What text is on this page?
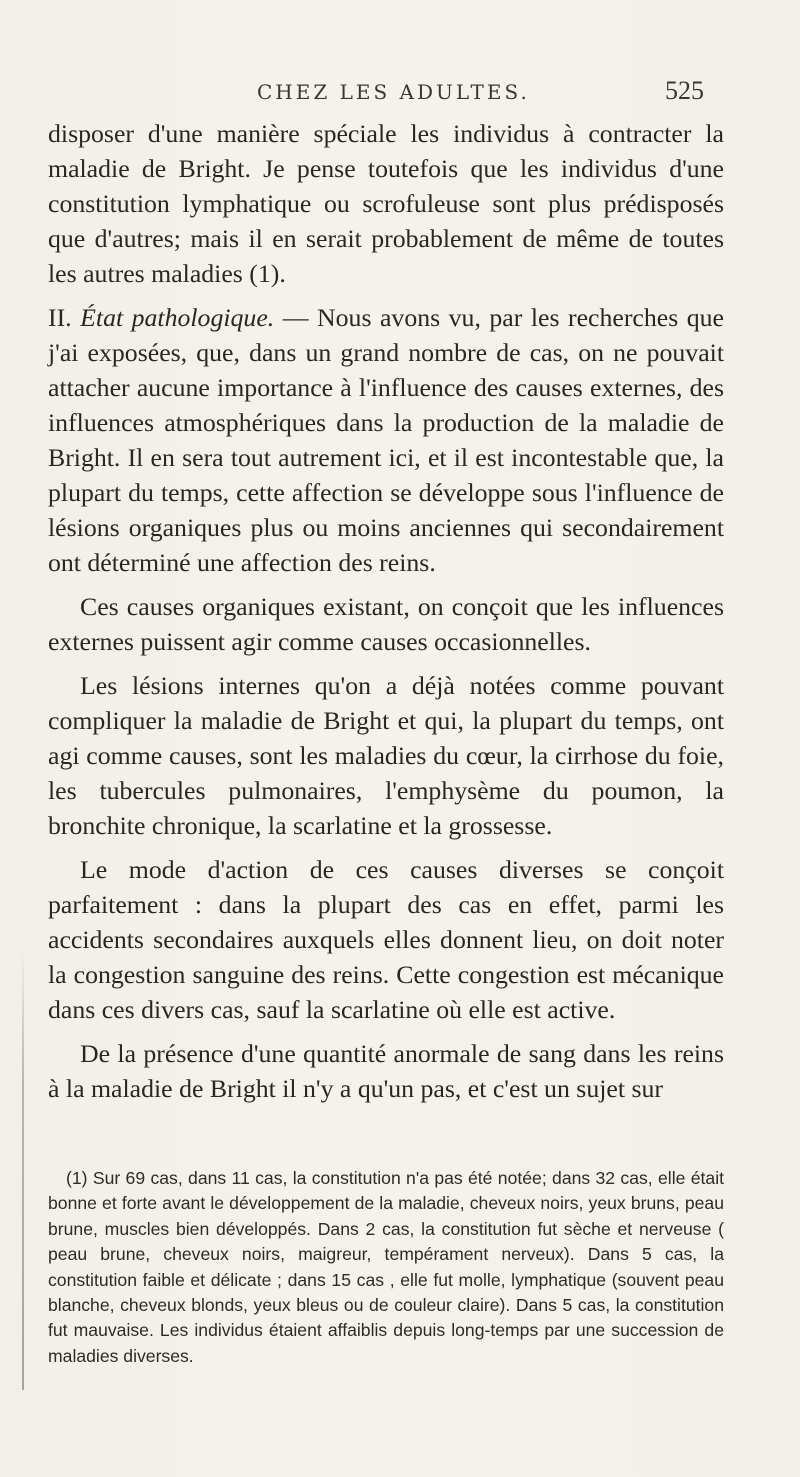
CHEZ LES ADULTES.	525

disposer d'une manière spéciale les individus à contracter la maladie de Bright. Je pense toutefois que les individus d'une constitution lymphatique ou scrofuleuse sont plus prédisposés que d'autres; mais il en serait probablement de même de toutes les autres maladies (1).

II. État pathologique. — Nous avons vu, par les recherches que j'ai exposées, que, dans un grand nombre de cas, on ne pouvait attacher aucune importance à l'influence des causes externes, des influences atmosphériques dans la production de la maladie de Bright. Il en sera tout autrement ici, et il est incontestable que, la plupart du temps, cette affection se développe sous l'influence de lésions organiques plus ou moins anciennes qui secondairement ont déterminé une affection des reins.

Ces causes organiques existant, on conçoit que les influences externes puissent agir comme causes occasionnelles.

Les lésions internes qu'on a déjà notées comme pouvant compliquer la maladie de Bright et qui, la plupart du temps, ont agi comme causes, sont les maladies du cœur, la cirrhose du foie, les tubercules pulmonaires, l'emphysème du poumon, la bronchite chronique, la scarlatine et la grossesse.

Le mode d'action de ces causes diverses se conçoit parfaitement : dans la plupart des cas en effet, parmi les accidents secondaires auxquels elles donnent lieu, on doit noter la congestion sanguine des reins. Cette congestion est mécanique dans ces divers cas, sauf la scarlatine où elle est active.

De la présence d'une quantité anormale de sang dans les reins à la maladie de Bright il n'y a qu'un pas, et c'est un sujet sur

(1) Sur 69 cas, dans 11 cas, la constitution n'a pas été notée; dans 32 cas, elle était bonne et forte avant le développement de la maladie, cheveux noirs, yeux bruns, peau brune, muscles bien développés. Dans 2 cas, la constitution fut sèche et nerveuse ( peau brune, cheveux noirs, maigreur, tempérament nerveux). Dans 5 cas, la constitution faible et délicate ; dans 15 cas , elle fut molle, lymphatique (souvent peau blanche, cheveux blonds, yeux bleus ou de couleur claire). Dans 5 cas, la constitution fut mauvaise. Les individus étaient affaiblis depuis long-temps par une succession de maladies diverses.
